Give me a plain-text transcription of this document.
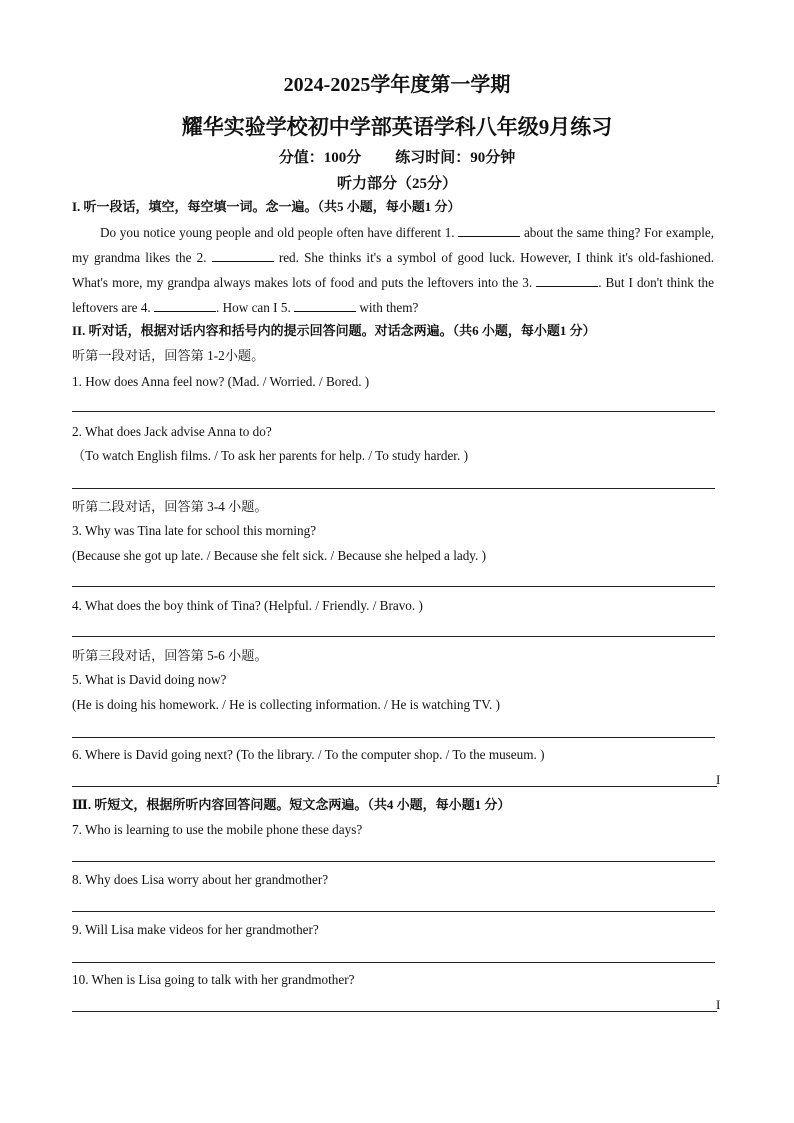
2024-2025学年度第一学期
耀华实验学校初中学部英语学科八年级9月练习
分值：100分 练习时间：90分钟
听力部分（25分）
I. 听一段话，填空，每空填一词。念一遍。（共5 小题，每小题1 分）
Do you notice young people and old people often have different 1.	about the same thing? For example, my grandma likes the 2.	red. She thinks it's a symbol of good luck. However, I think it's old-fashioned. What's more, my grandpa always makes lots of food and puts the leftovers into the 3.	. But I don't think the leftovers are 4.	. How can I 5.	with them?
II. 听对话，根据对话内容和括号内的提示回答问题。对话念两遍。（共6 小题，每小题1 分）
听第一段对话，回答第 1-2小题。
1. How does Anna feel now? (Mad. / Worried. / Bored. )
2. What does Jack advise Anna to do?
（To watch English films. / To ask her parents for help. / To study harder. )
听第二段对话，回答第 3-4 小题。
3. Why was Tina late for school this morning?
(Because she got up late. / Because she felt sick. / Because she helped a lady. )
4. What does the boy think of Tina? (Helpful. / Friendly. / Bravo. )
听第三段对话，回答第 5-6 小题。
5. What is David doing now?
(He is doing his homework. / He is collecting information. / He is watching TV. )
6. Where is David going next? (To the library. / To the computer shop. / To the museum. )
I
Ⅲ. 听短文，根据所听内容回答问题。短文念两遍。（共4 小题，每小题1 分）
7. Who is learning to use the mobile phone these days?
8. Why does Lisa worry about her grandmother?
9. Will Lisa make videos for her grandmother?
10. When is Lisa going to talk with her grandmother?
I
